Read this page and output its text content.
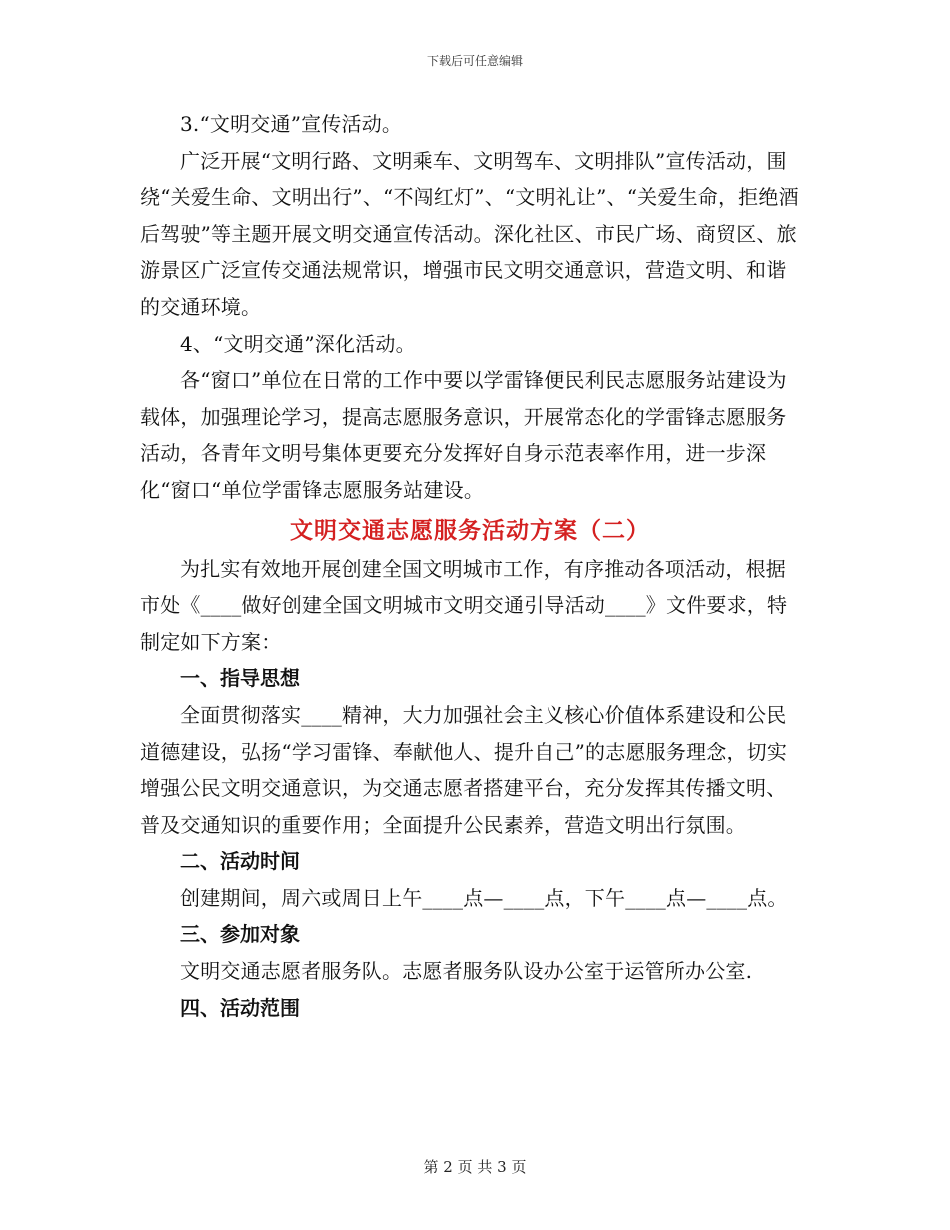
下载后可任意编辑

3.“文明交通”宣传活动。

广泛开展“文明行路、文明乘车、文明驾车、文明排队”宣传活动，围绕“关爱生命、文明出行”、“不闯红灯”、“文明礼让”、“关爱生命，拒绝酒后驾驶”等主题开展文明交通宣传活动。深化社区、市民广场、商贸区、旅游景区广泛宣传交通法规常识，增强市民文明交通意识，营造文明、和谐的交通环境。

4、“文明交通”深化活动。

各“窗口”单位在日常的工作中要以学雷锋便民利民志愿服务站建设为载体，加强理论学习，提高志愿服务意识，开展常态化的学雷锋志愿服务活动，各青年文明号集体更要充分发挥好自身示范表率作用，进一步深化“窗口“单位学雷锋志愿服务站建设。

文明交通志愿服务活动方案（二）

为扎实有效地开展创建全国文明城市工作，有序推动各项活动，根据市处《____做好创建全国文明城市文明交通引导活动____》文件要求，特制定如下方案：

一、指导思想

全面贯彻落实____精神，大力加强社会主义核心价值体系建设和公民道德建设，弘扬“学习雷锋、奉献他人、提升自己”的志愿服务理念，切实增强公民文明交通意识，为交通志愿者搭建平台，充分发挥其传播文明、普及交通知识的重要作用；全面提升公民素养，营造文明出行氛围。

二、活动时间

创建期间，周六或周日上午____点—____点，下午____点—____点。

三、参加对象

文明交通志愿者服务队。志愿者服务队设办公室于运管所办公室.

四、活动范围

第 2 页 共 3 页
